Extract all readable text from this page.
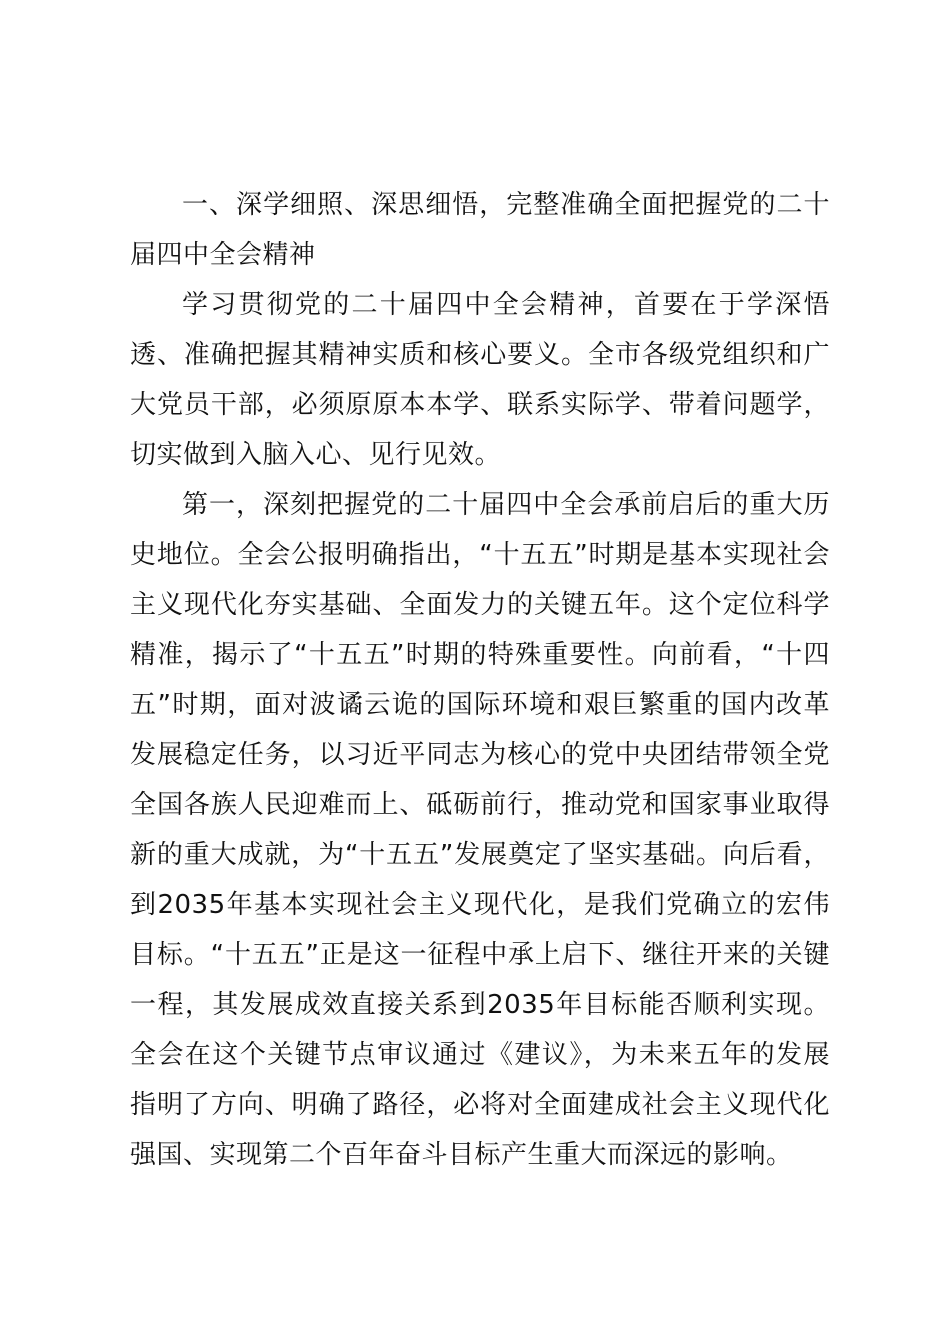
一、深学细照、深思细悟，完整准确全面把握党的二十届四中全会精神

学习贯彻党的二十届四中全会精神，首要在于学深悟透、准确把握其精神实质和核心要义。全市各级党组织和广大党员干部，必须原原本本学、联系实际学、带着问题学，切实做到入脑入心、见行见效。

第一，深刻把握党的二十届四中全会承前启后的重大历史地位。全会公报明确指出，“十五五”时期是基本实现社会主义现代化夯实基础、全面发力的关键五年。这个定位科学精准，揭示了“十五五”时期的特殊重要性。向前看，“十四五”时期，面对波谲云诡的国际环境和艰巨繁重的国内改革发展稳定任务，以习近平同志为核心的党中央团结带领全党全国各族人民迎难而上、砥砺前行，推动党和国家事业取得新的重大成就，为“十五五”发展奠定了坚实基础。向后看，到2035年基本实现社会主义现代化，是我们党确立的宏伟目标。“十五五”正是这一征程中承上启下、继往开来的关键一程，其发展成效直接关系到2035年目标能否顺利实现。全会在这个关键节点审议通过《建议》，为未来五年的发展指明了方向、明确了路径，必将对全面建成社会主义现代化强国、实现第二个百年奋斗目标产生重大而深远的影响。
